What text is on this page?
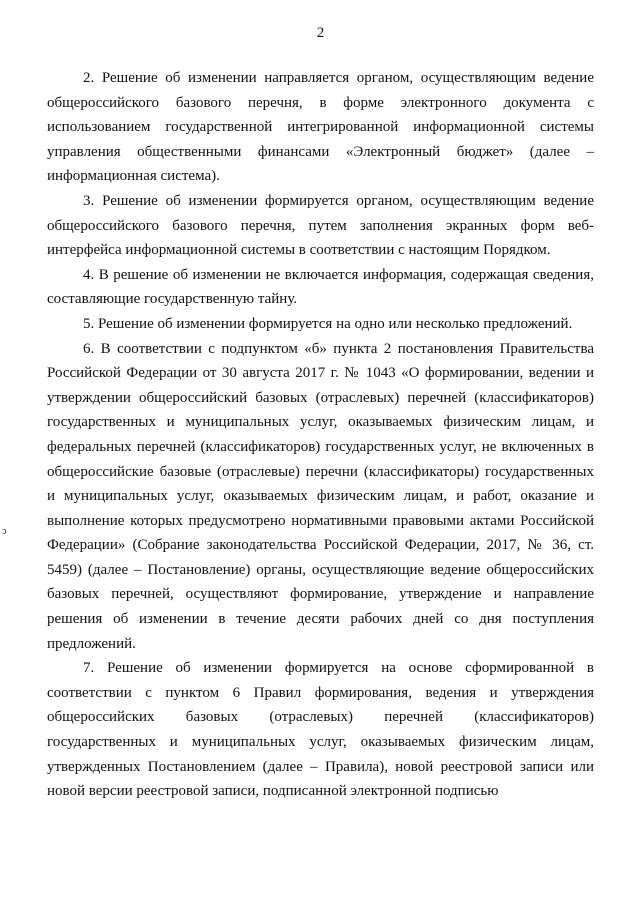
2

2. Решение об изменении направляется органом, осуществляющим ведение общероссийского базового перечня, в форме электронного документа с использованием государственной интегрированной информационной системы управления общественными финансами «Электронный бюджет» (далее – информационная система).

3. Решение об изменении формируется органом, осуществляющим ведение общероссийского базового перечня, путем заполнения экранных форм веб-интерфейса информационной системы в соответствии с настоящим Порядком.

4. В решение об изменении не включается информация, содержащая сведения, составляющие государственную тайну.

5. Решение об изменении формируется на одно или несколько предложений.

6. В соответствии с подпунктом «б» пункта 2 постановления Правительства Российской Федерации от 30 августа 2017 г. № 1043 «О формировании, ведении и утверждении общероссийский базовых (отраслевых) перечней (классификаторов) государственных и муниципальных услуг, оказываемых физическим лицам, и федеральных перечней (классификаторов) государственных услуг, не включенных в общероссийские базовые (отраслевые) перечни (классификаторы) государственных и муниципальных услуг, оказываемых физическим лицам, и работ, оказание и выполнение которых предусмотрено нормативными правовыми актами Российской Федерации» (Собрание законодательства Российской Федерации, 2017, № 36, ст. 5459) (далее – Постановление) органы, осуществляющие ведение общероссийских базовых перечней, осуществляют формирование, утверждение и направление решения об изменении в течение десяти рабочих дней со дня поступления предложений.

7. Решение об изменении формируется на основе сформированной в соответствии с пунктом 6 Правил формирования, ведения и утверждения общероссийских базовых (отраслевых) перечней (классификаторов) государственных и муниципальных услуг, оказываемых физическим лицам, утвержденных Постановлением (далее – Правила), новой реестровой записи или новой версии реестровой записи, подписанной электронной подписью

ↄ
